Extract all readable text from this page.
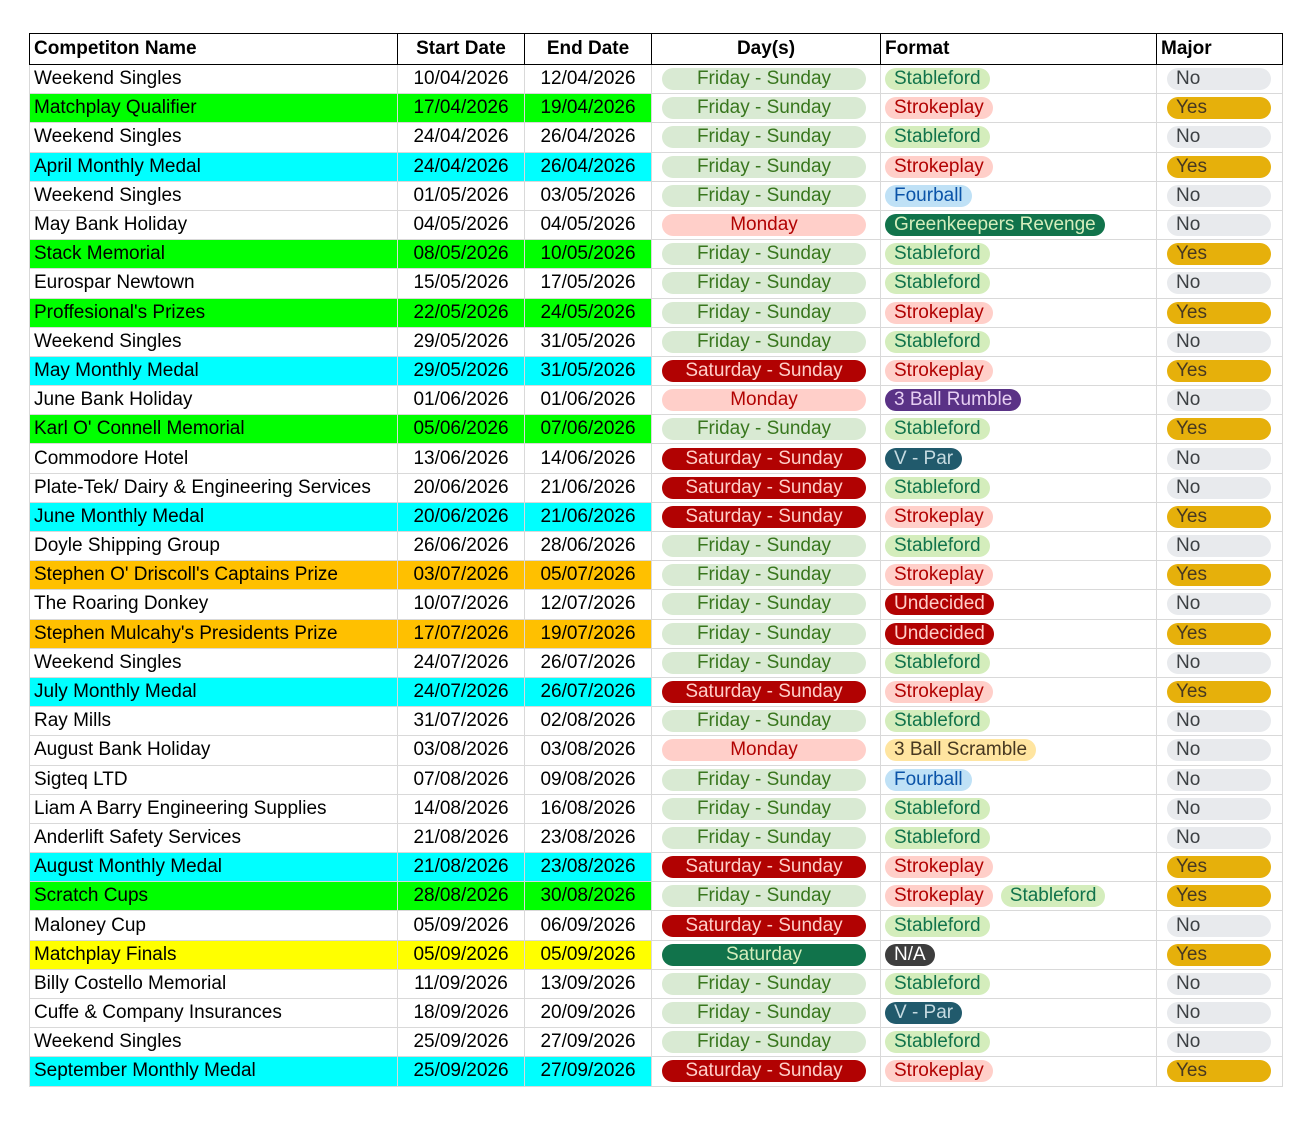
Competiton Name	Start Date	End Date	Day(s)	Format	Major
Weekend Singles	10/04/2026	12/04/2026	Friday - Sunday	Stableford	No

Matchplay Qualifier	17/04/2026	19/04/2026	Friday - Sunday	Strokeplay	Yes

Weekend Singles	24/04/2026	26/04/2026	Friday - Sunday	Stableford	No

April Monthly Medal	24/04/2026	26/04/2026	Friday - Sunday	Strokeplay	Yes

Weekend Singles	01/05/2026	03/05/2026	Friday - Sunday	Fourball	No

May Bank Holiday	04/05/2026	04/05/2026	Monday	Greenkeepers Revenge	No

Stack Memorial	08/05/2026	10/05/2026	Friday - Sunday	Stableford	Yes

Eurospar Newtown	15/05/2026	17/05/2026	Friday - Sunday	Stableford	No

Proffesional's Prizes	22/05/2026	24/05/2026	Friday - Sunday	Strokeplay	Yes

Weekend Singles	29/05/2026	31/05/2026	Friday - Sunday	Stableford	No

May Monthly Medal	29/05/2026	31/05/2026	Saturday - Sunday	Strokeplay	Yes

June Bank Holiday	01/06/2026	01/06/2026	Monday	3 Ball Rumble	No

Karl O' Connell Memorial	05/06/2026	07/06/2026	Friday - Sunday	Stableford	Yes

Commodore Hotel	13/06/2026	14/06/2026	Saturday - Sunday	V - Par	No

Plate-Tek/ Dairy & Engineering Services	20/06/2026	21/06/2026	Saturday - Sunday	Stableford	No

June Monthly Medal	20/06/2026	21/06/2026	Saturday - Sunday	Strokeplay	Yes

Doyle Shipping Group	26/06/2026	28/06/2026	Friday - Sunday	Stableford	No

Stephen O' Driscoll's Captains Prize	03/07/2026	05/07/2026	Friday - Sunday	Strokeplay	Yes

The Roaring Donkey	10/07/2026	12/07/2026	Friday - Sunday	Undecided	No

Stephen Mulcahy's Presidents Prize	17/07/2026	19/07/2026	Friday - Sunday	Undecided	Yes

Weekend Singles	24/07/2026	26/07/2026	Friday - Sunday	Stableford	No

July Monthly Medal	24/07/2026	26/07/2026	Saturday - Sunday	Strokeplay	Yes

Ray Mills	31/07/2026	02/08/2026	Friday - Sunday	Stableford	No

August Bank Holiday	03/08/2026	03/08/2026	Monday	3 Ball Scramble	No

Sigteq LTD	07/08/2026	09/08/2026	Friday - Sunday	Fourball	No

Liam A Barry Engineering Supplies	14/08/2026	16/08/2026	Friday - Sunday	Stableford	No

Anderlift Safety Services	21/08/2026	23/08/2026	Friday - Sunday	Stableford	No

August Monthly Medal	21/08/2026	23/08/2026	Saturday - Sunday	Strokeplay	Yes

Scratch Cups	28/08/2026	30/08/2026	Friday - Sunday	Strokeplay Stableford	Yes

Maloney Cup	05/09/2026	06/09/2026	Saturday - Sunday	Stableford	No

Matchplay Finals	05/09/2026	05/09/2026	Saturday	N/A	Yes

Billy Costello Memorial	11/09/2026	13/09/2026	Friday - Sunday	Stableford	No

Cuffe & Company Insurances	18/09/2026	20/09/2026	Friday - Sunday	V - Par	No

Weekend Singles	25/09/2026	27/09/2026	Friday - Sunday	Stableford	No

September Monthly Medal	25/09/2026	27/09/2026	Saturday - Sunday	Strokeplay	Yes
